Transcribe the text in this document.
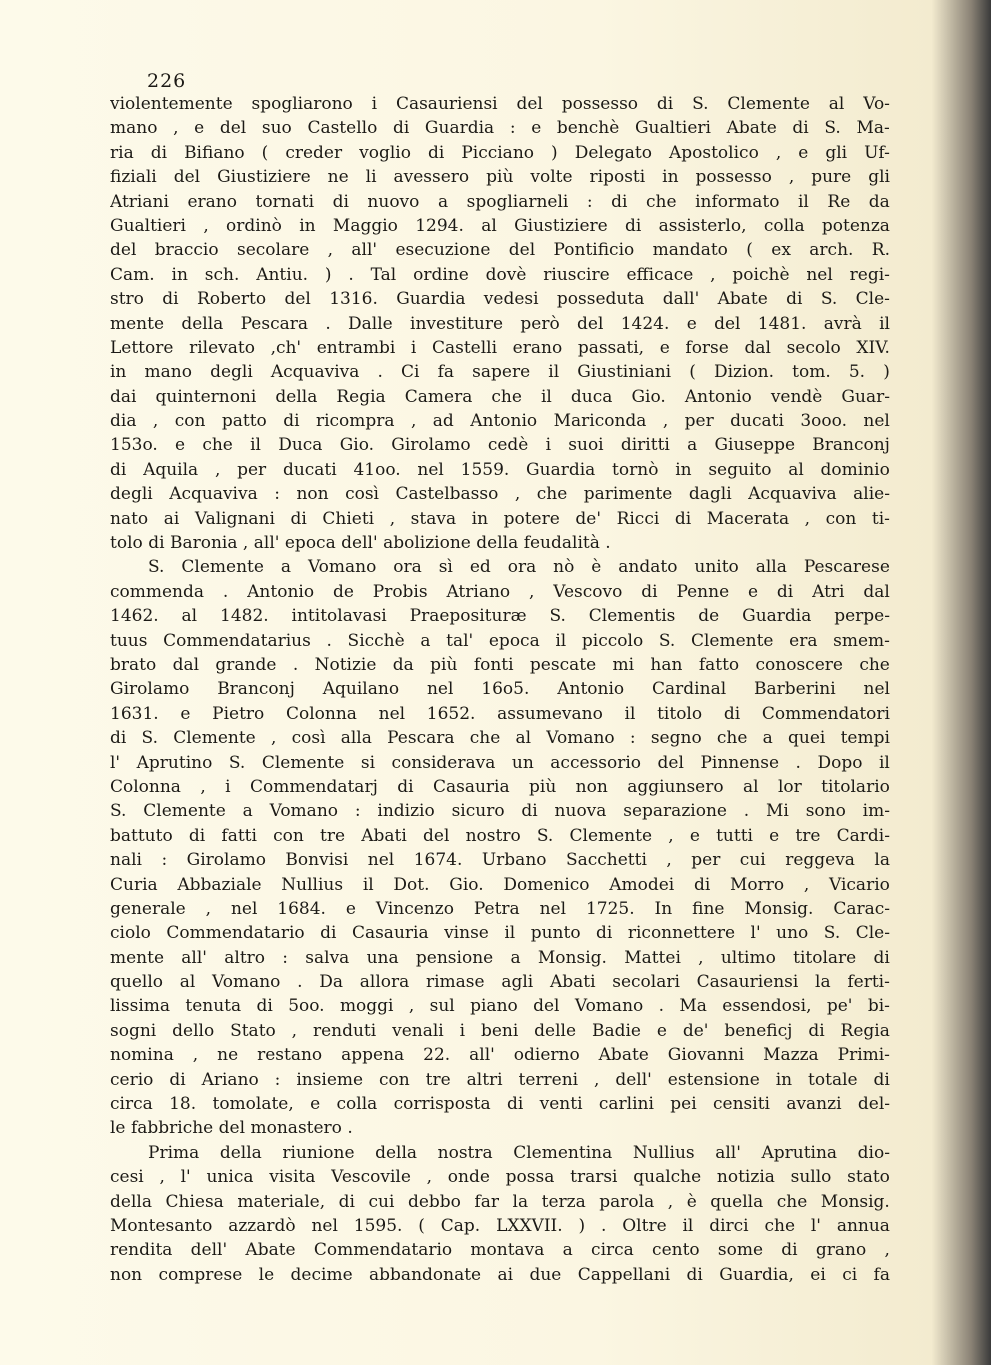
226
violentemente spogliarono i Casauriensi del possesso di S. Clemente al Vo-
mano , e del suo Castello di Guardia : e benchè Gualtieri Abate di S. Ma-
ria di Bifiano ( creder voglio di Picciano ) Delegato Apostolico , e gli Uf-
fiziali del Giustiziere ne li avessero più volte riposti in possesso , pure gli
Atriani erano tornati di nuovo a spogliarneli : di che informato il Re da
Gualtieri , ordinò in Maggio 1294. al Giustiziere di assisterlo, colla potenza
del braccio secolare , all' esecuzione del Pontificio mandato ( ex arch. R.
Cam. in sch. Antiu. ) . Tal ordine dovè riuscire efficace , poichè nel regi-
stro di Roberto del 1316. Guardia vedesi posseduta dall' Abate di S. Cle-
mente della Pescara . Dalle investiture però del 1424. e del 1481. avrà il
Lettore rilevato ,ch' entrambi i Castelli erano passati, e forse dal secolo XIV.
in mano degli Acquaviva . Ci fa sapere il Giustiniani ( Dizion. tom. 5. )
dai quinternoni della Regia Camera che il duca Gio. Antonio vendè Guar-
dia , con patto di ricompra , ad Antonio Mariconda , per ducati 3ooo. nel
153o. e che il Duca Gio. Girolamo cedè i suoi diritti a Giuseppe Branconj
di Aquila , per ducati 41oo. nel 1559. Guardia tornò in seguito al dominio
degli Acquaviva : non così Castelbasso , che parimente dagli Acquaviva alie-
nato ai Valignani di Chieti , stava in potere de' Ricci di Macerata , con ti-
tolo di Baronia , all' epoca dell' abolizione della feudalità .
S. Clemente a Vomano ora sì ed ora nò è andato unito alla Pescarese
commenda . Antonio de Probis Atriano , Vescovo di Penne e di Atri dal
1462. al 1482. intitolavasi Praeposituræ S. Clementis de Guardia perpe-
tuus Commendatarius . Sicchè a tal' epoca il piccolo S. Clemente era smem-
brato dal grande . Notizie da più fonti pescate mi han fatto conoscere che
Girolamo Branconj Aquilano nel 16o5. Antonio Cardinal Barberini nel
1631. e Pietro Colonna nel 1652. assumevano il titolo di Commendatori
di S. Clemente , così alla Pescara che al Vomano : segno che a quei tempi
l' Aprutino S. Clemente si considerava un accessorio del Pinnense . Dopo il
Colonna , i Commendatarj di Casauria più non aggiunsero al lor titolario
S. Clemente a Vomano : indizio sicuro di nuova separazione . Mi sono im-
battuto di fatti con tre Abati del nostro S. Clemente , e tutti e tre Cardi-
nali : Girolamo Bonvisi nel 1674. Urbano Sacchetti , per cui reggeva la
Curia Abbaziale Nullius il Dot. Gio. Domenico Amodei di Morro , Vicario
generale , nel 1684. e Vincenzo Petra nel 1725. In fine Monsig. Carac-
ciolo Commendatario di Casauria vinse il punto di riconnettere l' uno S. Cle-
mente all' altro : salva una pensione a Monsig. Mattei , ultimo titolare di
quello al Vomano . Da allora rimase agli Abati secolari Casauriensi la ferti-
lissima tenuta di 5oo. moggi , sul piano del Vomano . Ma essendosi, pe' bi-
sogni dello Stato , renduti venali i beni delle Badie e de' beneficj di Regia
nomina , ne restano appena 22. all' odierno Abate Giovanni Mazza Primi-
cerio di Ariano : insieme con tre altri terreni , dell' estensione in totale di
circa 18. tomolate, e colla corrisposta di venti carlini pei censiti avanzi del-
le fabbriche del monastero .
Prima della riunione della nostra Clementina Nullius all' Aprutina dio-
cesi , l' unica visita Vescovile , onde possa trarsi qualche notizia sullo stato
della Chiesa materiale, di cui debbo far la terza parola , è quella che Monsig.
Montesanto azzardò nel 1595. ( Cap. LXXVII. ) . Oltre il dirci che l' annua
rendita dell' Abate Commendatario montava a circa cento some di grano ,
non comprese le decime abbandonate ai due Cappellani di Guardia, ei ci fa
